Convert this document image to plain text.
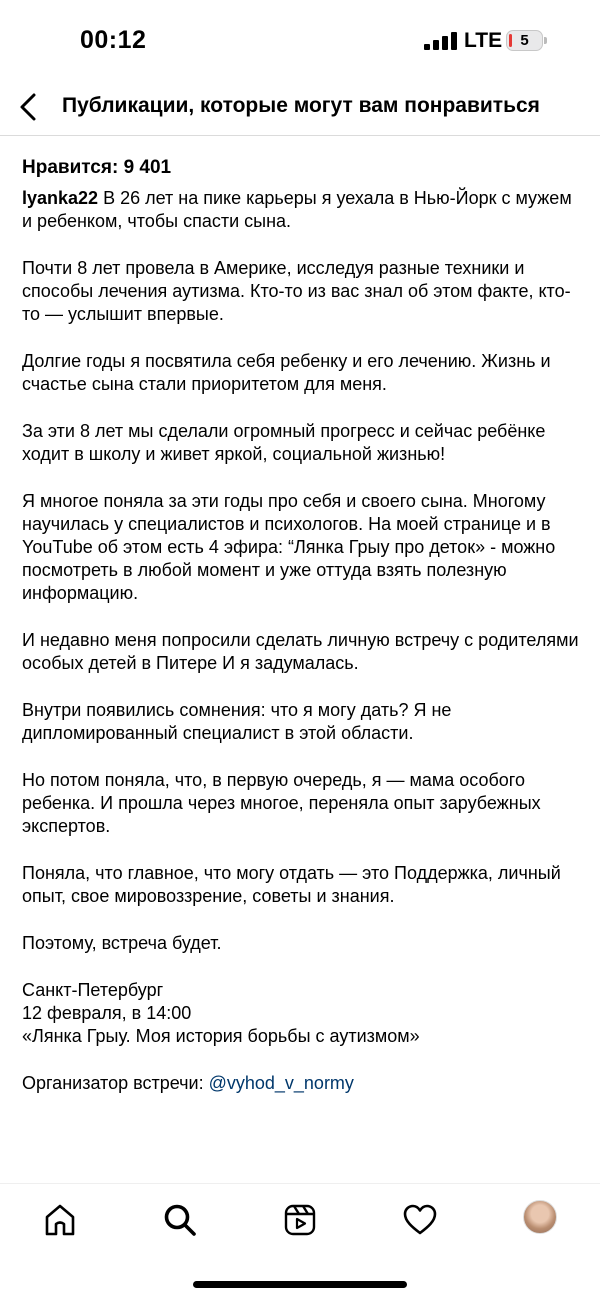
00:12	LTE	5
Публикации, которые могут вам понравиться
Нравится: 9 401
lyanka22 В 26 лет на пике карьеры я уехала в Нью-Йорк с мужем и ребенком, чтобы спасти сына.
Почти 8 лет провела в Америке, исследуя разные техники и способы лечения аутизма. Кто-то из вас знал об этом факте, кто-то — услышит впервые.
Долгие годы я посвятила себя ребенку и его лечению. Жизнь и счастье сына стали приоритетом для меня.
За эти 8 лет мы сделали огромный прогресс и сейчас ребёнке ходит в школу и живет яркой, социальной жизнью!
Я многое поняла за эти годы про себя и своего сына. Многому научилась у специалистов и психологов. На моей странице и в YouTube об этом есть 4 эфира: “Лянка Грыу про деток» - можно посмотреть в любой момент и уже оттуда взять полезную информацию.
И недавно меня попросили сделать личную встречу с родителями особых детей в Питере И я задумалась.
Внутри появились сомнения: что я могу дать? Я не дипломированный специалист в этой области.
Но потом поняла, что, в первую очередь, я — мама особого ребенка. И прошла через многое, переняла опыт зарубежных экспертов.
Поняла, что главное, что могу отдать — это Поддержка, личный опыт, свое мировоззрение, советы и знания.
Поэтому, встреча будет.
Санкт-Петербург
12 февраля, в 14:00
«Лянка Грыу. Моя история борьбы с аутизмом»
Организатор встречи: @vyhod_v_normy
